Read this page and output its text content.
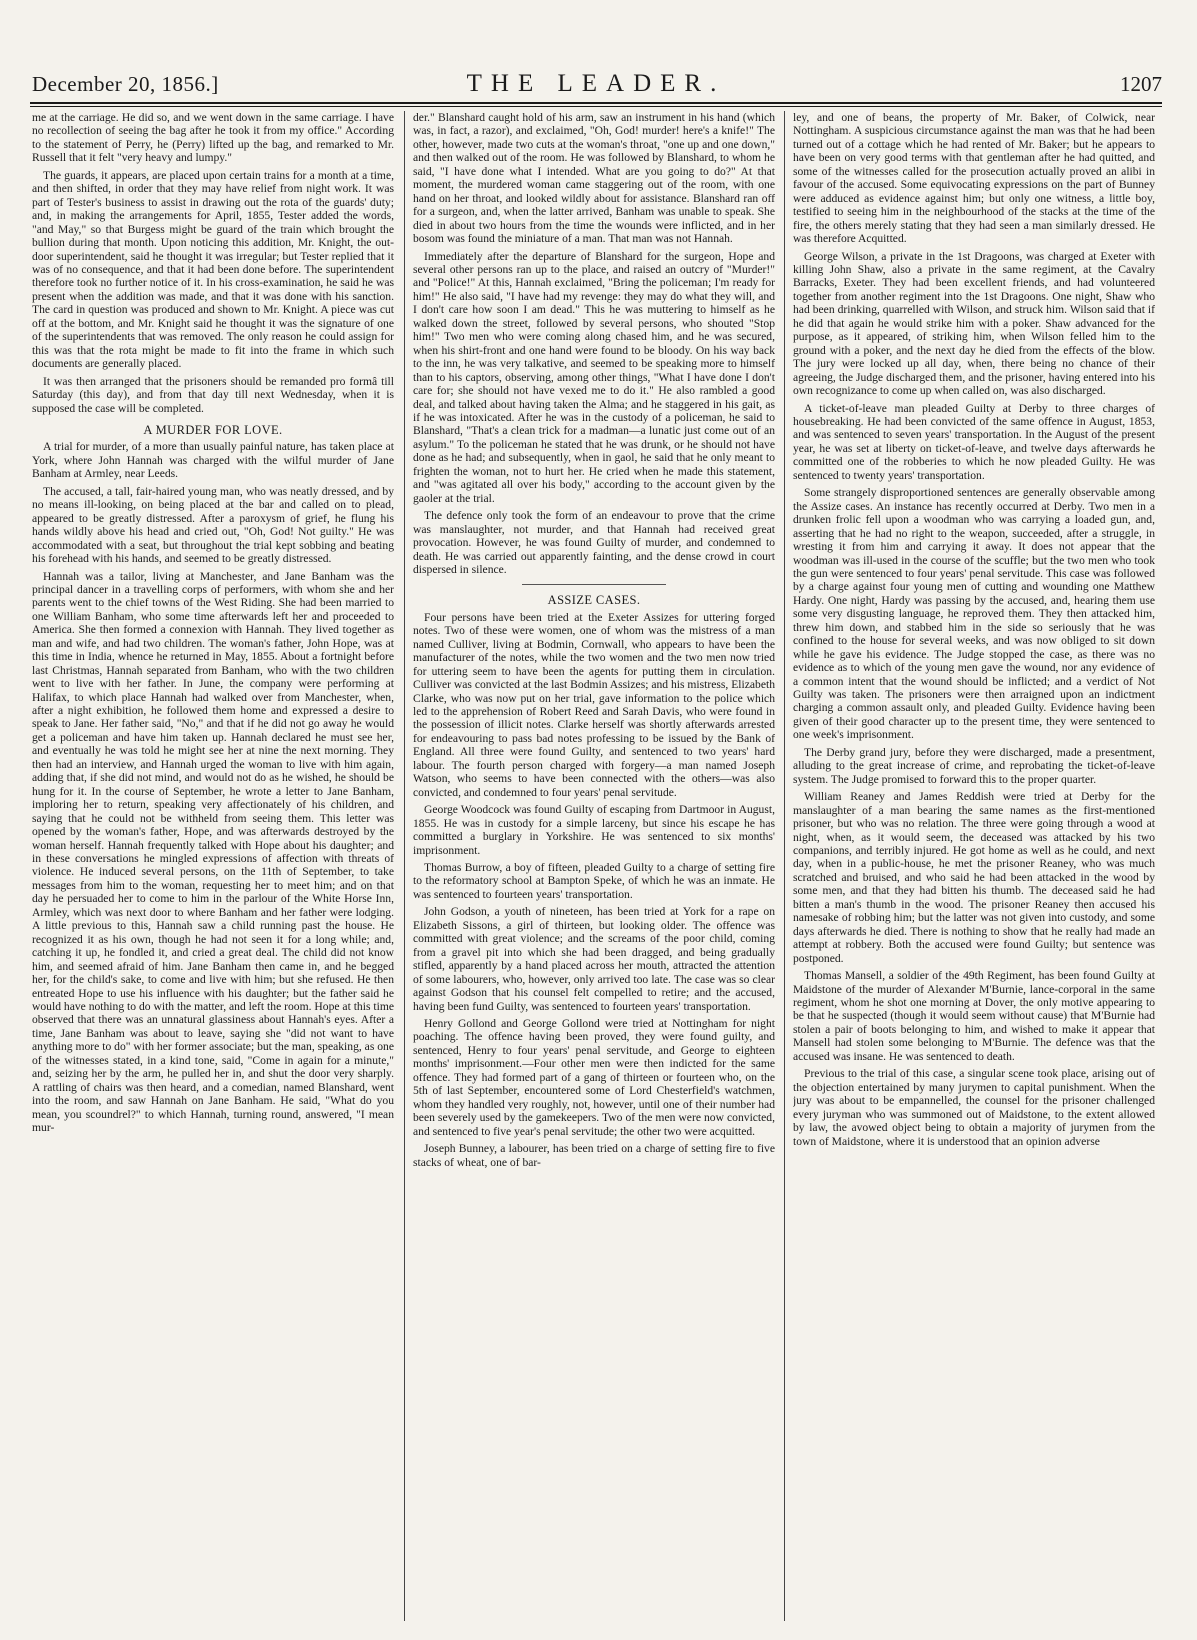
December 20, 1856.]	THE LEADER.	1207

me at the carriage. He did so, and we went down in the same carriage. I have no recollection of seeing the bag after he took it from my office." According to the statement of Perry, he (Perry) lifted up the bag, and remarked to Mr. Russell that it felt "very heavy and lumpy."

The guards, it appears, are placed upon certain trains for a month at a time, and then shifted, in order that they may have relief from night work. It was part of Tester's business to assist in drawing out the rota of the guards' duty; and, in making the arrangements for April, 1855, Tester added the words, "and May," so that Burgess might be guard of the train which brought the bullion during that month. Upon noticing this addition, Mr. Knight, the out-door superintendent, said he thought it was irregular; but Tester replied that it was of no consequence, and that it had been done before. The superintendent therefore took no further notice of it. In his cross-examination, he said he was present when the addition was made, and that it was done with his sanction. The card in question was produced and shown to Mr. Knight. A piece was cut off at the bottom, and Mr. Knight said he thought it was the signature of one of the superintendents that was removed. The only reason he could assign for this was that the rota might be made to fit into the frame in which such documents are generally placed.

It was then arranged that the prisoners should be remanded pro formâ till Saturday (this day), and from that day till next Wednesday, when it is supposed the case will be completed.

A MURDER FOR LOVE.

A trial for murder, of a more than usually painful nature, has taken place at York, where John Hannah was charged with the wilful murder of Jane Banham at Armley, near Leeds.

The accused, a tall, fair-haired young man, who was neatly dressed, and by no means ill-looking, on being placed at the bar and called on to plead, appeared to be greatly distressed. After a paroxysm of grief, he flung his hands wildly above his head and cried out, "Oh, God! Not guilty." He was accommodated with a seat, but throughout the trial kept sobbing and beating his forehead with his hands, and seemed to be greatly distressed.

Hannah was a tailor, living at Manchester, and Jane Banham was the principal dancer in a travelling corps of performers, with whom she and her parents went to the chief towns of the West Riding. She had been married to one William Banham, who some time afterwards left her and proceeded to America. She then formed a connexion with Hannah. They lived together as man and wife, and had two children. The woman's father, John Hope, was at this time in India, whence he returned in May, 1855. About a fortnight before last Christmas, Hannah separated from Banham, who with the two children went to live with her father. In June, the company were performing at Halifax, to which place Hannah had walked over from Manchester, when, after a night exhibition, he followed them home and expressed a desire to speak to Jane. Her father said, "No," and that if he did not go away he would get a policeman and have him taken up. Hannah declared he must see her, and eventually he was told he might see her at nine the next morning. They then had an interview, and Hannah urged the woman to live with him again, adding that, if she did not mind, and would not do as he wished, he should be hung for it. In the course of September, he wrote a letter to Jane Banham, imploring her to return, speaking very affectionately of his children, and saying that he could not be withheld from seeing them. This letter was opened by the woman's father, Hope, and was afterwards destroyed by the woman herself. Hannah frequently talked with Hope about his daughter; and in these conversations he mingled expressions of affection with threats of violence. He induced several persons, on the 11th of September, to take messages from him to the woman, requesting her to meet him; and on that day he persuaded her to come to him in the parlour of the White Horse Inn, Armley, which was next door to where Banham and her father were lodging. A little previous to this, Hannah saw a child running past the house. He recognized it as his own, though he had not seen it for a long while; and, catching it up, he fondled it, and cried a great deal. The child did not know him, and seemed afraid of him. Jane Banham then came in, and he begged her, for the child's sake, to come and live with him; but she refused. He then entreated Hope to use his influence with his daughter; but the father said he would have nothing to do with the matter, and left the room. Hope at this time observed that there was an unnatural glassiness about Hannah's eyes. After a time, Jane Banham was about to leave, saying she "did not want to have anything more to do" with her former associate; but the man, speaking, as one of the witnesses stated, in a kind tone, said, "Come in again for a minute," and, seizing her by the arm, he pulled her in, and shut the door very sharply. A rattling of chairs was then heard, and a comedian, named Blanshard, went into the room, and saw Hannah on Jane Banham. He said, "What do you mean, you scoundrel?" to which Hannah, turning round, answered, "I mean mur-

der." Blanshard caught hold of his arm, saw an instrument in his hand (which was, in fact, a razor), and exclaimed, "Oh, God! murder! here's a knife!" The other, however, made two cuts at the woman's throat, "one up and one down," and then walked out of the room. He was followed by Blanshard, to whom he said, "I have done what I intended. What are you going to do?" At that moment, the murdered woman came staggering out of the room, with one hand on her throat, and looked wildly about for assistance. Blanshard ran off for a surgeon, and, when the latter arrived, Banham was unable to speak. She died in about two hours from the time the wounds were inflicted, and in her bosom was found the miniature of a man. That man was not Hannah.

Immediately after the departure of Blanshard for the surgeon, Hope and several other persons ran up to the place, and raised an outcry of "Murder!" and "Police!" At this, Hannah exclaimed, "Bring the policeman; I'm ready for him!" He also said, "I have had my revenge: they may do what they will, and I don't care how soon I am dead." This he was muttering to himself as he walked down the street, followed by several persons, who shouted "Stop him!" Two men who were coming along chased him, and he was secured, when his shirt-front and one hand were found to be bloody. On his way back to the inn, he was very talkative, and seemed to be speaking more to himself than to his captors, observing, among other things, "What I have done I don't care for; she should not have vexed me to do it." He also rambled a good deal, and talked about having taken the Alma; and he staggered in his gait, as if he was intoxicated. After he was in the custody of a policeman, he said to Blanshard, "That's a clean trick for a madman—a lunatic just come out of an asylum." To the policeman he stated that he was drunk, or he should not have done as he had; and subsequently, when in gaol, he said that he only meant to frighten the woman, not to hurt her. He cried when he made this statement, and "was agitated all over his body," according to the account given by the gaoler at the trial.

The defence only took the form of an endeavour to prove that the crime was manslaughter, not murder, and that Hannah had received great provocation. However, he was found Guilty of murder, and condemned to death. He was carried out apparently fainting, and the dense crowd in court dispersed in silence.

ASSIZE CASES.

Four persons have been tried at the Exeter Assizes for uttering forged notes. Two of these were women, one of whom was the mistress of a man named Culliver, living at Bodmin, Cornwall, who appears to have been the manufacturer of the notes, while the two women and the two men now tried for uttering seem to have been the agents for putting them in circulation. Culliver was convicted at the last Bodmin Assizes; and his mistress, Elizabeth Clarke, who was now put on her trial, gave information to the police which led to the apprehension of Robert Reed and Sarah Davis, who were found in the possession of illicit notes. Clarke herself was shortly afterwards arrested for endeavouring to pass bad notes professing to be issued by the Bank of England. All three were found Guilty, and sentenced to two years' hard labour. The fourth person charged with forgery—a man named Joseph Watson, who seems to have been connected with the others—was also convicted, and condemned to four years' penal servitude.

George Woodcock was found Guilty of escaping from Dartmoor in August, 1855. He was in custody for a simple larceny, but since his escape he has committed a burglary in Yorkshire. He was sentenced to six months' imprisonment.

Thomas Burrow, a boy of fifteen, pleaded Guilty to a charge of setting fire to the reformatory school at Bampton Speke, of which he was an inmate. He was sentenced to fourteen years' transportation.

John Godson, a youth of nineteen, has been tried at York for a rape on Elizabeth Sissons, a girl of thirteen, but looking older. The offence was committed with great violence; and the screams of the poor child, coming from a gravel pit into which she had been dragged, and being gradually stifled, apparently by a hand placed across her mouth, attracted the attention of some labourers, who, however, only arrived too late. The case was so clear against Godson that his counsel felt compelled to retire; and the accused, having been fund Guilty, was sentenced to fourteen years' transportation.

Henry Gollond and George Gollond were tried at Nottingham for night poaching. The offence having been proved, they were found guilty, and sentenced, Henry to four years' penal servitude, and George to eighteen months' imprisonment.—Four other men were then indicted for the same offence. They had formed part of a gang of thirteen or fourteen who, on the 5th of last September, encountered some of Lord Chesterfield's watchmen, whom they handled very roughly, not, however, until one of their number had been severely used by the gamekeepers. Two of the men were now convicted, and sentenced to five year's penal servitude; the other two were acquitted.

Joseph Bunney, a labourer, has been tried on a charge of setting fire to five stacks of wheat, one of bar-

ley, and one of beans, the property of Mr. Baker, of Colwick, near Nottingham. A suspicious circumstance against the man was that he had been turned out of a cottage which he had rented of Mr. Baker; but he appears to have been on very good terms with that gentleman after he had quitted, and some of the witnesses called for the prosecution actually proved an alibi in favour of the accused. Some equivocating expressions on the part of Bunney were adduced as evidence against him; but only one witness, a little boy, testified to seeing him in the neighbourhood of the stacks at the time of the fire, the others merely stating that they had seen a man similarly dressed. He was therefore Acquitted.

George Wilson, a private in the 1st Dragoons, was charged at Exeter with killing John Shaw, also a private in the same regiment, at the Cavalry Barracks, Exeter. They had been excellent friends, and had volunteered together from another regiment into the 1st Dragoons. One night, Shaw who had been drinking, quarrelled with Wilson, and struck him. Wilson said that if he did that again he would strike him with a poker. Shaw advanced for the purpose, as it appeared, of striking him, when Wilson felled him to the ground with a poker, and the next day he died from the effects of the blow. The jury were locked up all day, when, there being no chance of their agreeing, the Judge discharged them, and the prisoner, having entered into his own recognizance to come up when called on, was also discharged.

A ticket-of-leave man pleaded Guilty at Derby to three charges of housebreaking. He had been convicted of the same offence in August, 1853, and was sentenced to seven years' transportation. In the August of the present year, he was set at liberty on ticket-of-leave, and twelve days afterwards he committed one of the robberies to which he now pleaded Guilty. He was sentenced to twenty years' transportation.

Some strangely disproportioned sentences are generally observable among the Assize cases. An instance has recently occurred at Derby. Two men in a drunken frolic fell upon a woodman who was carrying a loaded gun, and, asserting that he had no right to the weapon, succeeded, after a struggle, in wresting it from him and carrying it away. It does not appear that the woodman was ill-used in the course of the scuffle; but the two men who took the gun were sentenced to four years' penal servitude. This case was followed by a charge against four young men of cutting and wounding one Matthew Hardy. One night, Hardy was passing by the accused, and, hearing them use some very disgusting language, he reproved them. They then attacked him, threw him down, and stabbed him in the side so seriously that he was confined to the house for several weeks, and was now obliged to sit down while he gave his evidence. The Judge stopped the case, as there was no evidence as to which of the young men gave the wound, nor any evidence of a common intent that the wound should be inflicted; and a verdict of Not Guilty was taken. The prisoners were then arraigned upon an indictment charging a common assault only, and pleaded Guilty. Evidence having been given of their good character up to the present time, they were sentenced to one week's imprisonment.

The Derby grand jury, before they were discharged, made a presentment, alluding to the great increase of crime, and reprobating the ticket-of-leave system. The Judge promised to forward this to the proper quarter.

William Reaney and James Reddish were tried at Derby for the manslaughter of a man bearing the same names as the first-mentioned prisoner, but who was no relation. The three were going through a wood at night, when, as it would seem, the deceased was attacked by his two companions, and terribly injured. He got home as well as he could, and next day, when in a public-house, he met the prisoner Reaney, who was much scratched and bruised, and who said he had been attacked in the wood by some men, and that they had bitten his thumb. The deceased said he had bitten a man's thumb in the wood. The prisoner Reaney then accused his namesake of robbing him; but the latter was not given into custody, and some days afterwards he died. There is nothing to show that he really had made an attempt at robbery. Both the accused were found Guilty; but sentence was postponed.

Thomas Mansell, a soldier of the 49th Regiment, has been found Guilty at Maidstone of the murder of Alexander M'Burnie, lance-corporal in the same regiment, whom he shot one morning at Dover, the only motive appearing to be that he suspected (though it would seem without cause) that M'Burnie had stolen a pair of boots belonging to him, and wished to make it appear that Mansell had stolen some belonging to M'Burnie. The defence was that the accused was insane. He was sentenced to death.

Previous to the trial of this case, a singular scene took place, arising out of the objection entertained by many jurymen to capital punishment. When the jury was about to be empannelled, the counsel for the prisoner challenged every juryman who was summoned out of Maidstone, to the extent allowed by law, the avowed object being to obtain a majority of jurymen from the town of Maidstone, where it is understood that an opinion adverse
